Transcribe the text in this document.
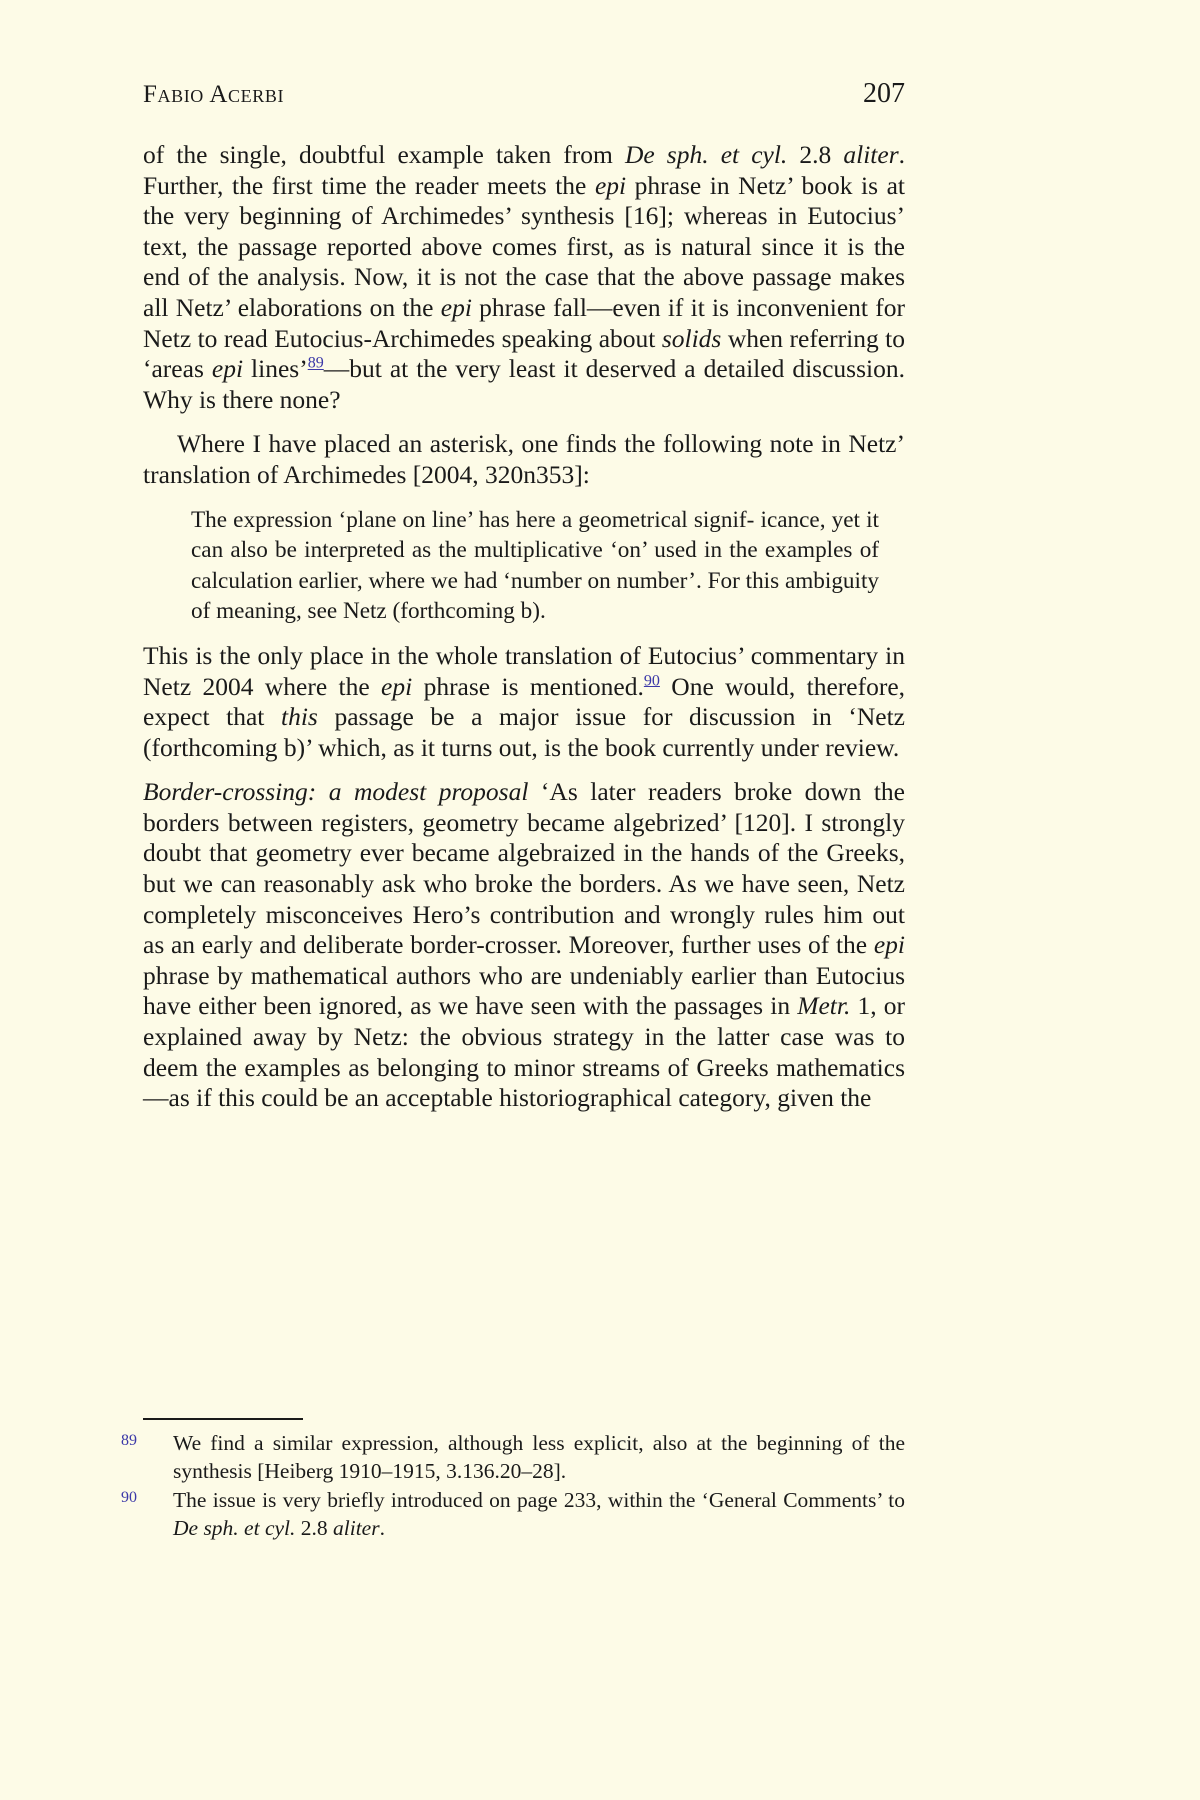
Fabio Acerbi	207

of the single, doubtful example taken from De sph. et cyl. 2.8 aliter. Further, the first time the reader meets the epi phrase in Netz’ book is at the very beginning of Archimedes’ synthesis [16]; whereas in Eutocius’ text, the passage reported above comes first, as is natural since it is the end of the analysis. Now, it is not the case that the above passage makes all Netz’ elaborations on the epi phrase fall—even if it is inconvenient for Netz to read Eutocius-Archimedes speaking about solids when referring to ‘areas epi lines’$^{89}$—but at the very least it deserved a detailed discussion. Why is there none?

Where I have placed an asterisk, one finds the following note in Netz’ translation of Archimedes [2004, 320n353]:

The expression ‘plane on line’ has here a geometrical signif- icance, yet it can also be interpreted as the multiplicative ‘on’ used in the examples of calculation earlier, where we had ‘number on number’. For this ambiguity of meaning, see Netz (forthcoming b).

This is the only place in the whole translation of Eutocius’ commentary in Netz 2004 where the epi phrase is mentioned.$^{90}$ One would, therefore, expect that this passage be a major issue for discussion in ‘Netz (forthcoming b)’ which, as it turns out, is the book currently under review.

Border-crossing: a modest proposal ‘As later readers broke down the borders between registers, geometry became algebrized’ [120]. I strongly doubt that geometry ever became algebraized in the hands of the Greeks, but we can reasonably ask who broke the borders. As we have seen, Netz completely misconceives Hero’s contribution and wrongly rules him out as an early and deliberate border-crosser. Moreover, further uses of the epi phrase by mathematical authors who are undeniably earlier than Eutocius have either been ignored, as we have seen with the passages in Metr. 1, or explained away by Netz: the obvious strategy in the latter case was to deem the examples as belonging to minor streams of Greeks mathematics—as if this could be an acceptable historiographical category, given the

89 We find a similar expression, although less explicit, also at the beginning of the synthesis [Heiberg 1910–1915, 3.136.20–28].
90 The issue is very briefly introduced on page 233, within the ‘General Comments’ to De sph. et cyl. 2.8 aliter.
